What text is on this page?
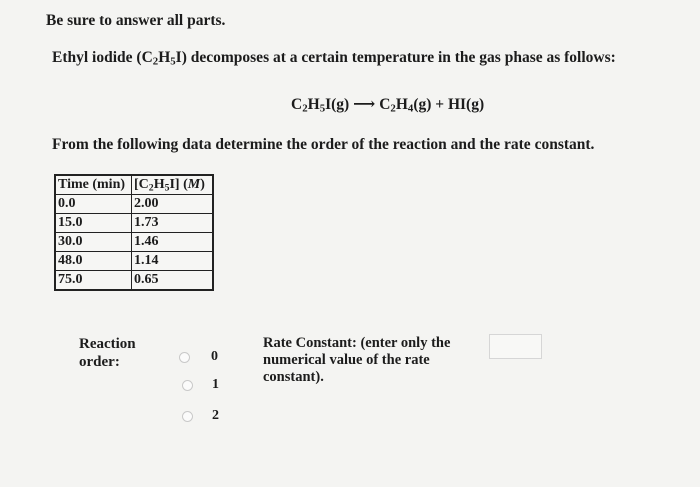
Be sure to answer all parts.
Ethyl iodide $(C_2H_5I)$ decomposes at a certain temperature in the gas phase as follows:
$C_2H_5I(g)$ ⟶ $C_2H_4(g) + HI(g)$
From the following data determine the order of the reaction and the rate constant.
Time (min)	$[C_2H_5I]$ (M)
0.0	2.00
15.0	1.73
30.0	1.46
48.0	1.14
75.0	0.65
Reaction
order:	0
1
2
Rate Constant: (enter only the
numerical value of the rate
constant).
